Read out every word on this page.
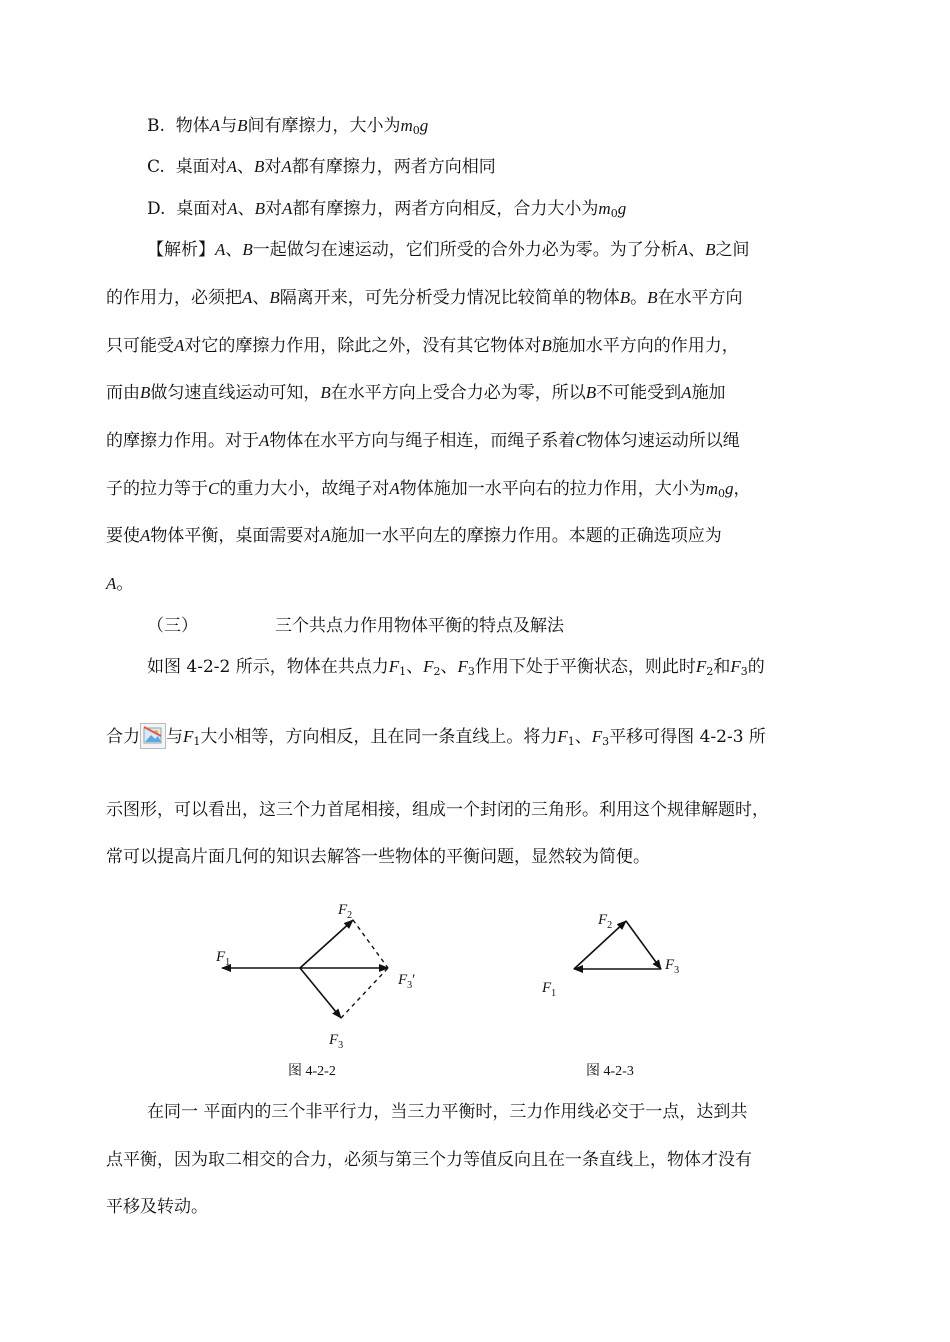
B. 物体A与B间有摩擦力，大小为$m_0g$
C. 桌面对A、B对A都有摩擦力，两者方向相同
D. 桌面对A、B对A都有摩擦力，两者方向相反，合力大小为$m_0g$
【解析】A、B一起做匀在速运动，它们所受的合外力必为零。为了分析A、B之间
的作用力，必须把A、B隔离开来，可先分析受力情况比较简单的物体B。B在水平方向
只可能受A对它的摩擦力作用，除此之外，没有其它物体对B施加水平方向的作用力，
而由B做匀速直线运动可知，B在水平方向上受合力必为零，所以B不可能受到A施加
的摩擦力作用。对于A物体在水平方向与绳子相连，而绳子系着C物体匀速运动所以绳
子的拉力等于C的重力大小，故绳子对A物体施加一水平向右的拉力作用，大小为$m_0g$，
要使A物体平衡，桌面需要对A施加一水平向左的摩擦力作用。本题的正确选项应为
A。
（三）	三个共点力作用物体平衡的特点及解法
如图 4-2-2 所示，物体在共点力$F_1$、$F_2$、$F_3$作用下处于平衡状态，则此时$F_2$和$F_3$的
合力 与$F_1$大小相等，方向相反，且在同一条直线上。将力$F_1$、$F_3$平移可得图 4-2-3 所
示图形，可以看出，这三个力首尾相接，组成一个封闭的三角形。利用这个规律解题时，
常可以提高片面几何的知识去解答一些物体的平衡问题，显然较为简便。
$F_1$
$F_2$
$F_3'$
$F_3$
图 4-2-2
$F_2$
$F_3$
$F_1$
图 4-2-3
在同一 平面内的三个非平行力，当三力平衡时，三力作用线必交于一点，达到共
点平衡，因为取二相交的合力，必须与第三个力等值反向且在一条直线上，物体才没有
平移及转动。
